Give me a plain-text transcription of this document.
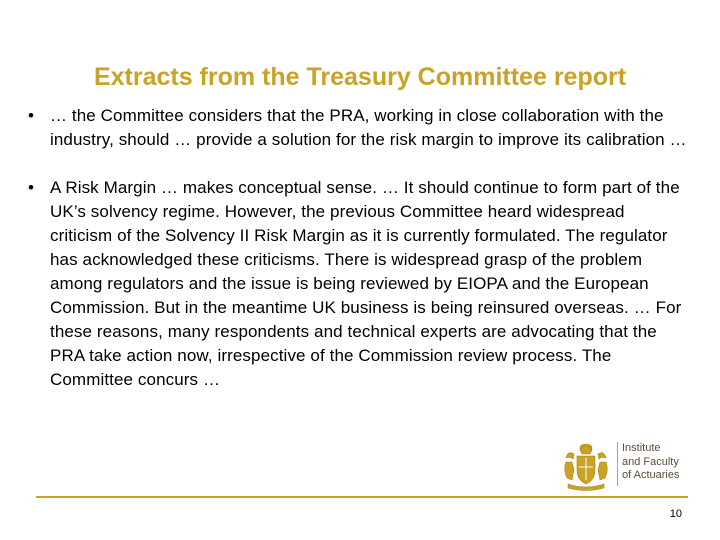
Extracts from the Treasury Committee report
• … the Committee considers that the PRA, working in close collaboration with the industry, should … provide a solution for the risk margin to improve its calibration …
• A Risk Margin … makes conceptual sense. … It should continue to form part of the UK’s solvency regime. However, the previous Committee heard widespread criticism of the Solvency II Risk Margin as it is currently formulated. The regulator has acknowledged these criticisms. There is widespread grasp of the problem among regulators and the issue is being reviewed by EIOPA and the European Commission. But in the meantime UK business is being reinsured overseas. … For these reasons, many respondents and technical experts are advocating that the PRA take action now, irrespective of the Commission review process. The Committee concurs …
Institute
and Faculty
of Actuaries
10
